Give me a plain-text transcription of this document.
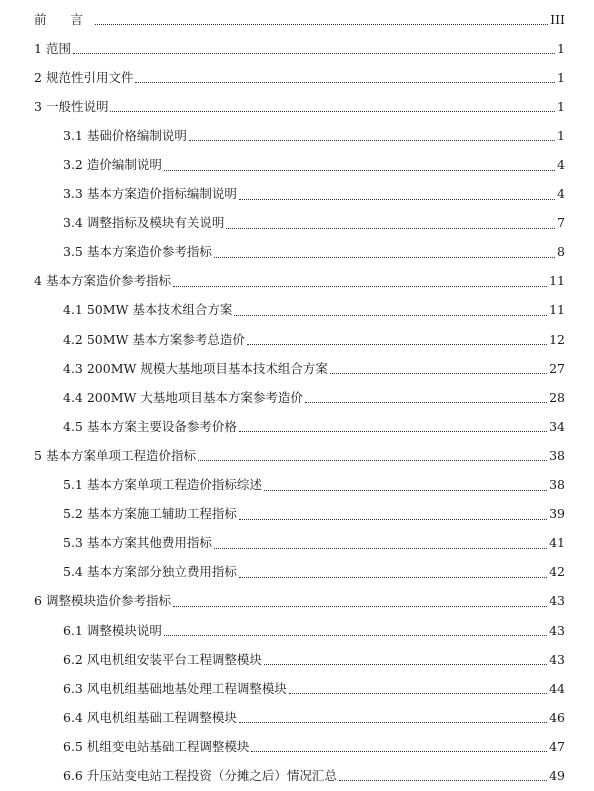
前 言	III
1 范围	1
2 规范性引用文件	1
3 一般性说明	1
3.1 基础价格编制说明	1
3.2 造价编制说明	4
3.3 基本方案造价指标编制说明	4
3.4 调整指标及模块有关说明	7
3.5 基本方案造价参考指标	8
4 基本方案造价参考指标	11
4.1 50MW 基本技术组合方案	11
4.2 50MW 基本方案参考总造价	12
4.3 200MW 规模大基地项目基本技术组合方案	27
4.4 200MW 大基地项目基本方案参考造价	28
4.5 基本方案主要设备参考价格	34
5 基本方案单项工程造价指标	38
5.1 基本方案单项工程造价指标综述	38
5.2 基本方案施工辅助工程指标	39
5.3 基本方案其他费用指标	41
5.4 基本方案部分独立费用指标	42
6 调整模块造价参考指标	43
6.1 调整模块说明	43
6.2 风电机组安装平台工程调整模块	43
6.3 风电机组基础地基处理工程调整模块	44
6.4 风电机组基础工程调整模块	46
6.5 机组变电站基础工程调整模块	47
6.6 升压站变电站工程投资（分摊之后）情况汇总	49
